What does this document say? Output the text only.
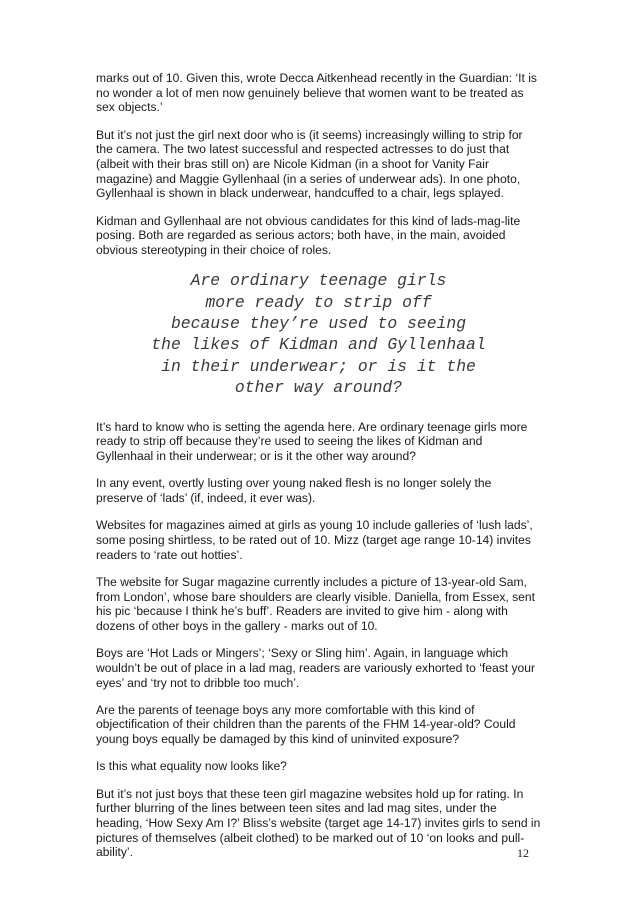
marks out of 10. Given this, wrote Decca Aitkenhead recently in the Guardian: ‘It is no wonder a lot of men now genuinely believe that women want to be treated as sex objects.’

But it’s not just the girl next door who is (it seems) increasingly willing to strip for the camera. The two latest successful and respected actresses to do just that (albeit with their bras still on) are Nicole Kidman (in a shoot for Vanity Fair magazine) and Maggie Gyllenhaal (in a series of underwear ads). In one photo, Gyllenhaal is shown in black underwear, handcuffed to a chair, legs splayed.

Kidman and Gyllenhaal are not obvious candidates for this kind of lads-mag-lite posing. Both are regarded as serious actors; both have, in the main, avoided obvious stereotyping in their choice of roles.

Are ordinary teenage girls
more ready to strip off
because they’re used to seeing
the likes of Kidman and Gyllenhaal
in their underwear; or is it the
other way around?

It’s hard to know who is setting the agenda here. Are ordinary teenage girls more ready to strip off because they’re used to seeing the likes of Kidman and Gyllenhaal in their underwear; or is it the other way around?

In any event, overtly lusting over young naked flesh is no longer solely the preserve of ‘lads’ (if, indeed, it ever was).

Websites for magazines aimed at girls as young 10 include galleries of ‘lush lads’, some posing shirtless, to be rated out of 10. Mizz (target age range 10-14) invites readers to ‘rate out hotties’.

The website for Sugar magazine currently includes a picture of 13-year-old Sam, from London’, whose bare shoulders are clearly visible. Daniella, from Essex, sent his pic ‘because I think he’s buff’. Readers are invited to give him - along with dozens of other boys in the gallery - marks out of 10.

Boys are ‘Hot Lads or Mingers’; ‘Sexy or Sling him’. Again, in language which wouldn’t be out of place in a lad mag, readers are variously exhorted to ‘feast your eyes’ and ‘try not to dribble too much’.

Are the parents of teenage boys any more comfortable with this kind of objectification of their children than the parents of the FHM 14-year-old? Could young boys equally be damaged by this kind of uninvited exposure?

Is this what equality now looks like?

But it’s not just boys that these teen girl magazine websites hold up for rating. In further blurring of the lines between teen sites and lad mag sites, under the heading, ‘How Sexy Am I?’ Bliss’s website (target age 14-17) invites girls to send in pictures of themselves (albeit clothed) to be marked out of 10 ‘on looks and pull-ability’.	12
